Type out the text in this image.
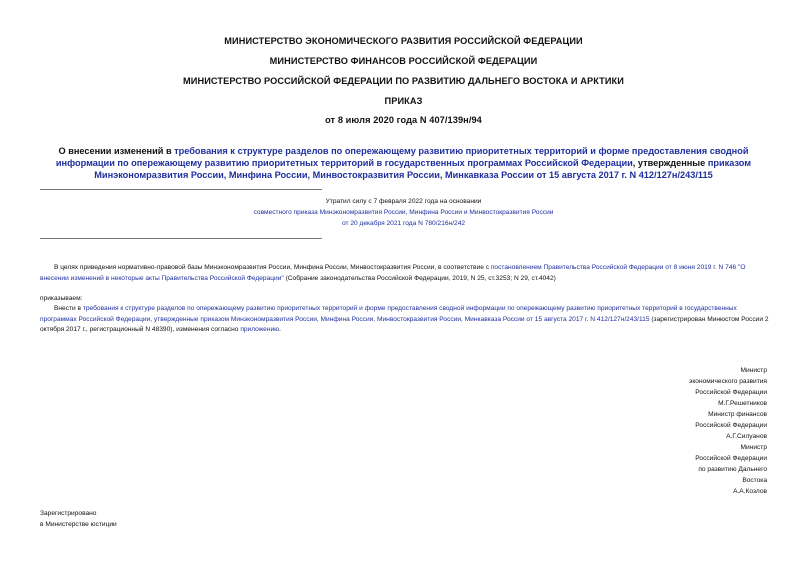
МИНИСТЕРСТВО ЭКОНОМИЧЕСКОГО РАЗВИТИЯ РОССИЙСКОЙ ФЕДЕРАЦИИ
МИНИСТЕРСТВО ФИНАНСОВ РОССИЙСКОЙ ФЕДЕРАЦИИ
МИНИСТЕРСТВО РОССИЙСКОЙ ФЕДЕРАЦИИ ПО РАЗВИТИЮ ДАЛЬНЕГО ВОСТОКА И АРКТИКИ
ПРИКАЗ
от 8 июля 2020 года N 407/139н/94
О внесении изменений в требования к структуре разделов по опережающему развитию приоритетных территорий и форме предоставления сводной информации по опережающему развитию приоритетных территорий в государственных программах Российской Федерации, утвержденные приказом Минэкономразвития России, Минфина России, Минвостокразвития России, Минкавказа России от 15 августа 2017 г. N 412/127н/243/115
Утратил силу с 7 февраля 2022 года на основании
совместного приказа Минэкономразвития России, Минфина России и Минвостокразвития России
от 20 декабря 2021 года N 780/216н/242
В целях приведения нормативно-правовой базы Минэкономразвития России, Минфина России, Минвостокразвития России, в соответствие с постановлением Правительства Российской Федерации от 8 июня 2019 г. N 746 "О внесении изменений в некоторые акты Правительства Российской Федерации" (Собрание законодательства Российской Федерации, 2019, N 25, ст.3253; N 29, ст.4042)
приказываем:
Внести в требования к структуре разделов по опережающему развитию приоритетных территорий и форме предоставления сводной информации по опережающему развитию приоритетных территорий в государственных программах Российской Федерации, утвержденные приказом Минэкономразвития России, Минфина России, Минвостокразвития России, Минкавказа России от 15 августа 2017 г. N 412/127н/243/115 (зарегистрирован Минюстом России 2 октября 2017 г., регистрационный N 48390), изменения согласно приложению.
Министр
экономического развития
Российской Федерации
М.Г.Решетников
Министр финансов
Российской Федерации
А.Г.Силуанов
Министр
Российской Федерации
по развитию Дальнего
Востока
А.А.Козлов
Зарегистрировано
в Министерстве юстиции
